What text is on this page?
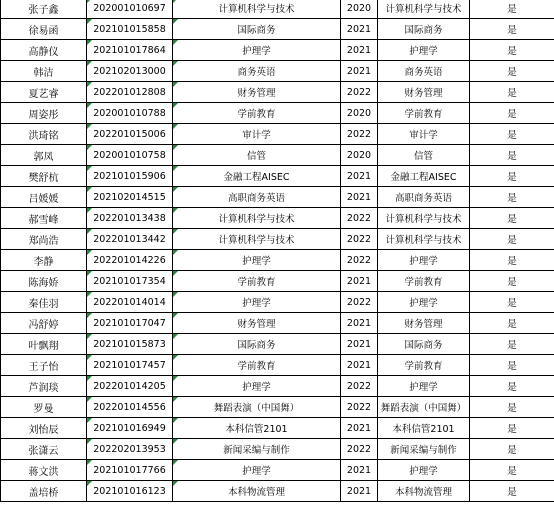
张子鑫	202001010697	计算机科学与技术	2020	计算机科学与技术	是
徐易函	202101015858	国际商务	2021	国际商务	是
高静仪	202101017864	护理学	2021	护理学	是
韩洁	202102013000	商务英语	2021	商务英语	是
夏艺睿	202201012808	财务管理	2022	财务管理	是
周姿彤	202001010788	学前教育	2020	学前教育	是
洪琦铭	202201015006	审计学	2022	审计学	是
郭凤	202001010758	信管	2020	信管	是
樊舒杭	202101015906	金融工程AISEC	2021	金融工程AISEC	是
吕媛媛	202102014515	高职商务英语	2021	高职商务英语	是
郝雪峰	202201013438	计算机科学与技术	2022	计算机科学与技术	是
郑尚浩	202201013442	计算机科学与技术	2022	计算机科学与技术	是
李静	202201014226	护理学	2022	护理学	是
陈海娇	202101017354	学前教育	2021	学前教育	是
秦佳羽	202201014014	护理学	2022	护理学	是
冯舒婷	202101017047	财务管理	2021	财务管理	是
叶飘翔	202101015873	国际商务	2021	国际商务	是
王子怡	202101017457	学前教育	2021	学前教育	是
芦润琰	202201014205	护理学	2022	护理学	是
罗曼	202201014556	舞蹈表演（中国舞）	2022	舞蹈表演（中国舞）	是
刘怡辰	202101016949	本科信管2101	2021	本科信管2101	是
张潇云	202202013953	新闻采编与制作	2022	新闻采编与制作	是
蒋文洪	202101017766	护理学	2021	护理学	是
盖培桥	202101016123	本科物流管理	2021	本科物流管理	是
